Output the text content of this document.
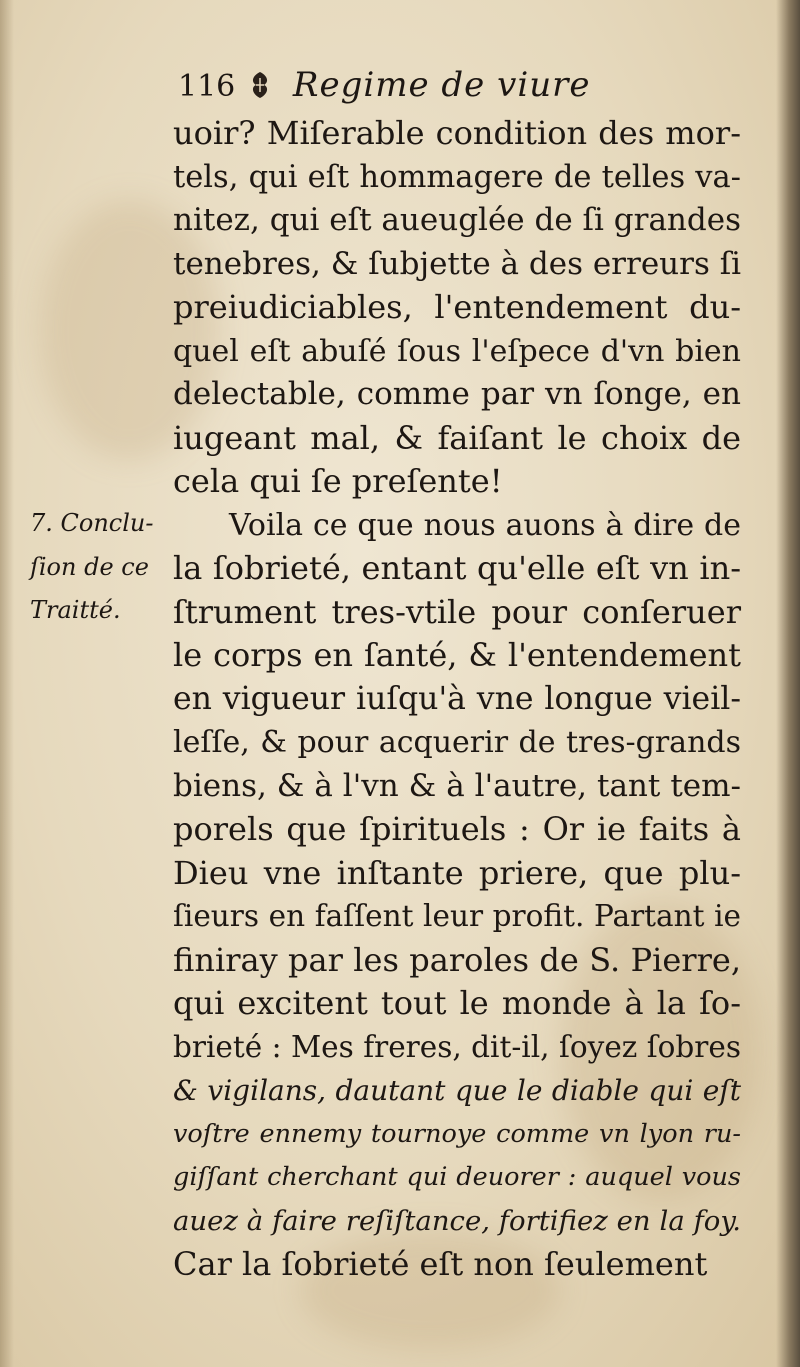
116 Regime de viure
7. Conclu-
ſion de ce
Traitté.
uoir? Miſerable condition des mor-
tels, qui eſt hommagere de telles va-
nitez, qui eſt aueuglée de ſi grandes
tenebres, & ſubjette à des erreurs ſi
preiudiciables, l'entendement du-
quel eſt abuſé ſous l'eſpece d'vn bien
delectable, comme par vn ſonge, en
iugeant mal, & faiſant le choix de
cela qui ſe preſente!
Voila ce que nous auons à dire de
la ſobrieté, entant qu'elle eſt vn in-
ſtrument tres-vtile pour conſeruer
le corps en ſanté, & l'entendement
en vigueur iuſqu'à vne longue vieil-
leſſe, & pour acquerir de tres-grands
biens, & à l'vn & à l'autre, tant tem-
porels que ſpirituels : Or ie faits à
Dieu vne inſtante priere, que plu-
ſieurs en faſſent leur profit. Partant ie
finiray par les paroles de S. Pierre,
qui excitent tout le monde à la ſo-
brieté : Mes freres, dit-il, ſoyez ſobres
& vigilans, dautant que le diable qui eſt
voſtre ennemy tournoye comme vn lyon ru-
giſſant cherchant qui deuorer : auquel vous
auez à faire reſiſtance, fortifiez en la foy.
Car la ſobrieté eſt non ſeulement
